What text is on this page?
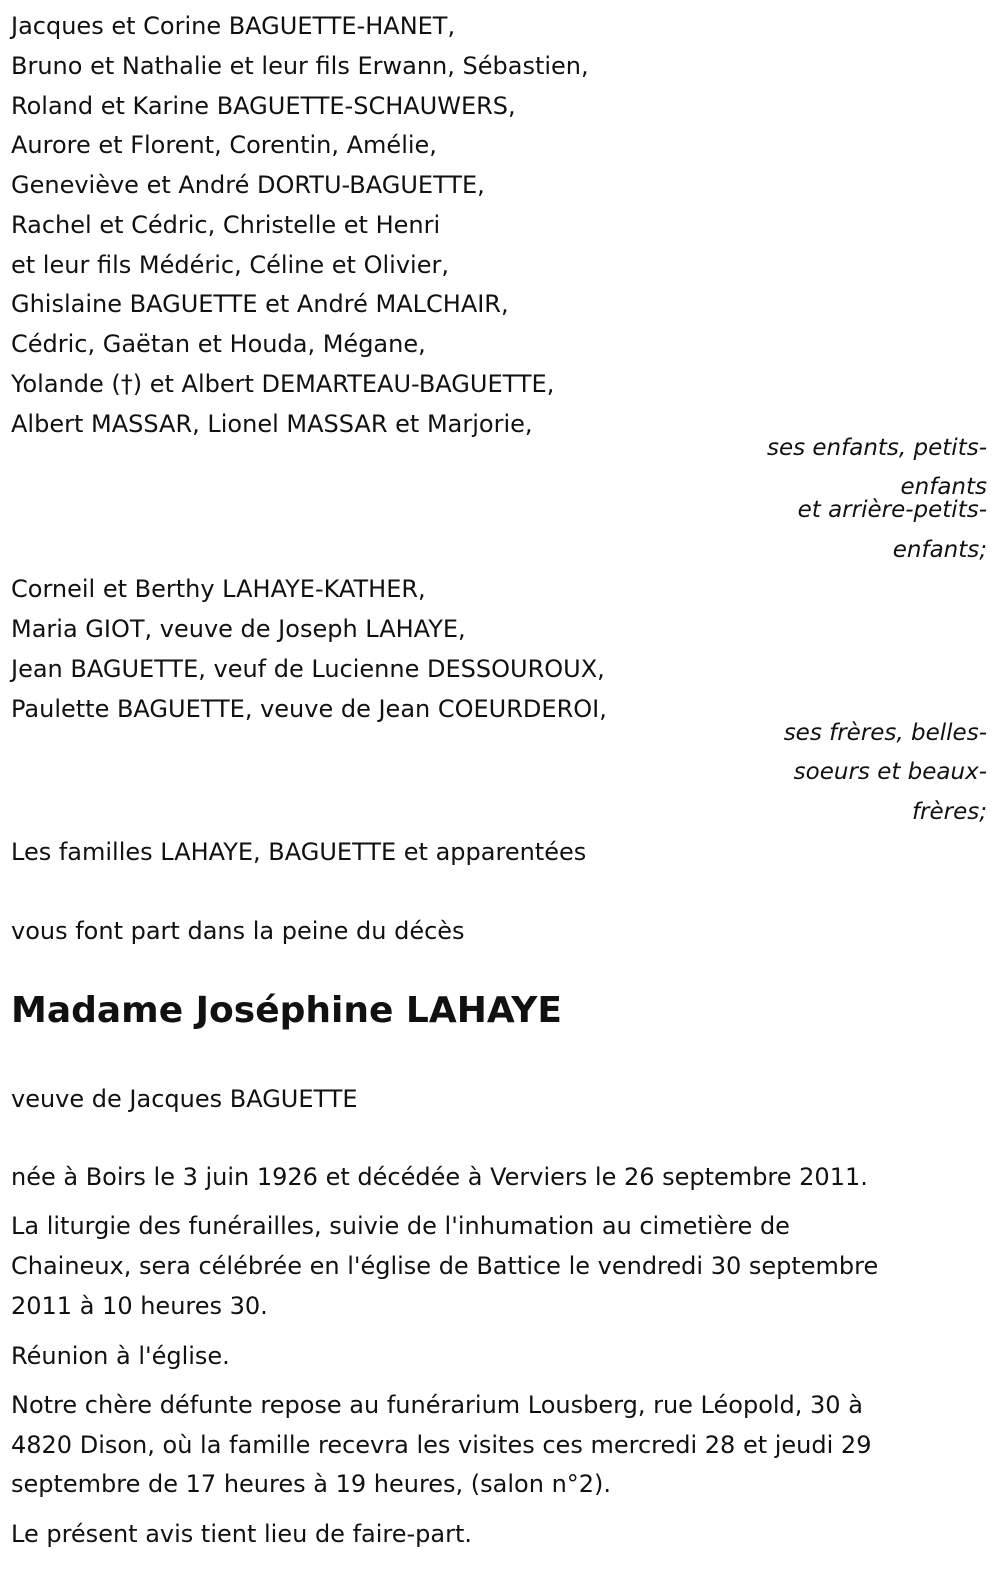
Jacques et Corine BAGUETTE-HANET,
Bruno et Nathalie et leur fils Erwann, Sébastien,
Roland et Karine BAGUETTE-SCHAUWERS,
Aurore et Florent, Corentin, Amélie,
Geneviève et André DORTU-BAGUETTE,
Rachel et Cédric, Christelle et Henri
et leur fils Médéric, Céline et Olivier,
Ghislaine BAGUETTE et André MALCHAIR,
Cédric, Gaëtan et Houda, Mégane,
Yolande (†) et Albert DEMARTEAU-BAGUETTE,
Albert MASSAR, Lionel MASSAR et Marjorie,
ses enfants, petits-
enfants
et arrière-petits-
enfants;
Corneil et Berthy LAHAYE-KATHER,
Maria GIOT, veuve de Joseph LAHAYE,
Jean BAGUETTE, veuf de Lucienne DESSOUROUX,
Paulette BAGUETTE, veuve de Jean COEURDEROI,
ses frères, belles-
soeurs et beaux-
frères;
Les familles LAHAYE, BAGUETTE et apparentées
vous font part dans la peine du décès
Madame Joséphine LAHAYE
veuve de Jacques BAGUETTE
née à Boirs le 3 juin 1926 et décédée à Verviers le 26 septembre 2011.
La liturgie des funérailles, suivie de l'inhumation au cimetière de
Chaineux, sera célébrée en l'église de Battice le vendredi 30 septembre
2011 à 10 heures 30.
Réunion à l'église.
Notre chère défunte repose au funérarium Lousberg, rue Léopold, 30 à
4820 Dison, où la famille recevra les visites ces mercredi 28 et jeudi 29
septembre de 17 heures à 19 heures, (salon n°2).
Le présent avis tient lieu de faire-part.
